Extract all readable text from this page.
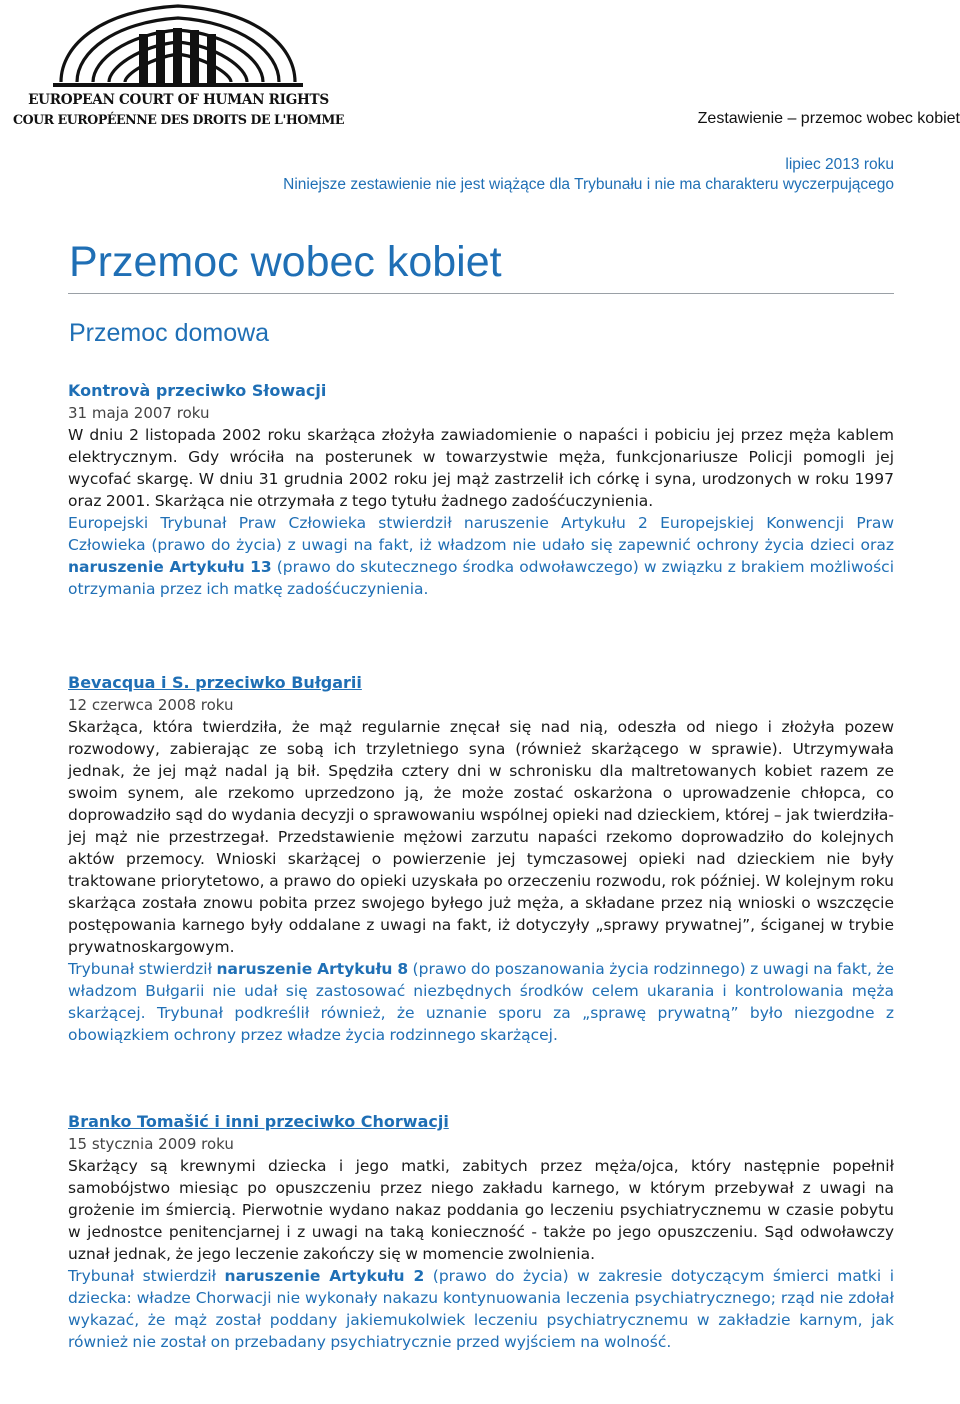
EUROPEAN COURT OF HUMAN RIGHTS
COUR EUROPÉENNE DES DROITS DE L'HOMME	Zestawienie – przemoc wobec kobiet
lipiec 2013 roku
Niniejsze zestawienie nie jest wiążące dla Trybunału i nie ma charakteru wyczerpującego
Przemoc wobec kobiet
Przemoc domowa
Kontrovà przeciwko Słowacji
31 maja 2007 roku

W dniu 2 listopada 2002 roku skarżąca złożyła zawiadomienie o napaści i pobiciu jej przez męża kablem elektrycznym. Gdy wróciła na posterunek w towarzystwie męża, funkcjonariusze Policji pomogli jej wycofać skargę. W dniu 31 grudnia 2002 roku jej mąż zastrzelił ich córkę i syna, urodzonych w roku 1997 oraz 2001. Skarżąca nie otrzymała z tego tytułu żadnego zadośćuczynienia.

Europejski Trybunał Praw Człowieka stwierdził naruszenie Artykułu 2 Europejskiej Konwencji Praw Człowieka (prawo do życia) z uwagi na fakt, iż władzom nie udało się zapewnić ochrony życia dzieci oraz naruszenie Artykułu 13 (prawo do skutecznego środka odwoławczego) w związku z brakiem możliwości otrzymania przez ich matkę zadośćuczynienia.

Bevacqua i S. przeciwko Bułgarii
12 czerwca 2008 roku

Skarżąca, która twierdziła, że mąż regularnie znęcał się nad nią, odeszła od niego i złożyła pozew rozwodowy, zabierając ze sobą ich trzyletniego syna (również skarżącego w sprawie). Utrzymywała jednak, że jej mąż nadal ją bił. Spędziła cztery dni w schronisku dla maltretowanych kobiet razem ze swoim synem, ale rzekomo uprzedzono ją, że może zostać oskarżona o uprowadzenie chłopca, co doprowadziło sąd do wydania decyzji o sprawowaniu wspólnej opieki nad dzieckiem, której – jak twierdziła- jej mąż nie przestrzegał. Przedstawienie mężowi zarzutu napaści rzekomo doprowadziło do kolejnych aktów przemocy. Wnioski skarżącej o powierzenie jej tymczasowej opieki nad dzieckiem nie były traktowane priorytetowo, a prawo do opieki uzyskała po orzeczeniu rozwodu, rok później. W kolejnym roku skarżąca została znowu pobita przez swojego byłego już męża, a składane przez nią wnioski o wszczęcie postępowania karnego były oddalane z uwagi na fakt, iż dotyczyły „sprawy prywatnej”, ściganej w trybie prywatnoskargowym.

Trybunał stwierdził naruszenie Artykułu 8 (prawo do poszanowania życia rodzinnego) z uwagi na fakt, że władzom Bułgarii nie udał się zastosować niezbędnych środków celem ukarania i kontrolowania męża skarżącej. Trybunał podkreślił również, że uznanie sporu za „sprawę prywatną” było niezgodne z obowiązkiem ochrony przez władze życia rodzinnego skarżącej.

Branko Tomašić i inni przeciwko Chorwacji
15 stycznia 2009 roku

Skarżący są krewnymi dziecka i jego matki, zabitych przez męża/ojca, który następnie popełnił samobójstwo miesiąc po opuszczeniu przez niego zakładu karnego, w którym przebywał z uwagi na grożenie im śmiercią. Pierwotnie wydano nakaz poddania go leczeniu psychiatrycznemu w czasie pobytu w jednostce penitencjarnej i z uwagi na taką konieczność - także po jego opuszczeniu. Sąd odwoławczy uznał jednak, że jego leczenie zakończy się w momencie zwolnienia.

Trybunał stwierdził naruszenie Artykułu 2 (prawo do życia) w zakresie dotyczącym śmierci matki i dziecka: władze Chorwacji nie wykonały nakazu kontynuowania leczenia psychiatrycznego; rząd nie zdołał wykazać, że mąż został poddany jakiemukolwiek leczeniu psychiatrycznemu w zakładzie karnym, jak również nie został on przebadany psychiatrycznie przed wyjściem na wolność.
